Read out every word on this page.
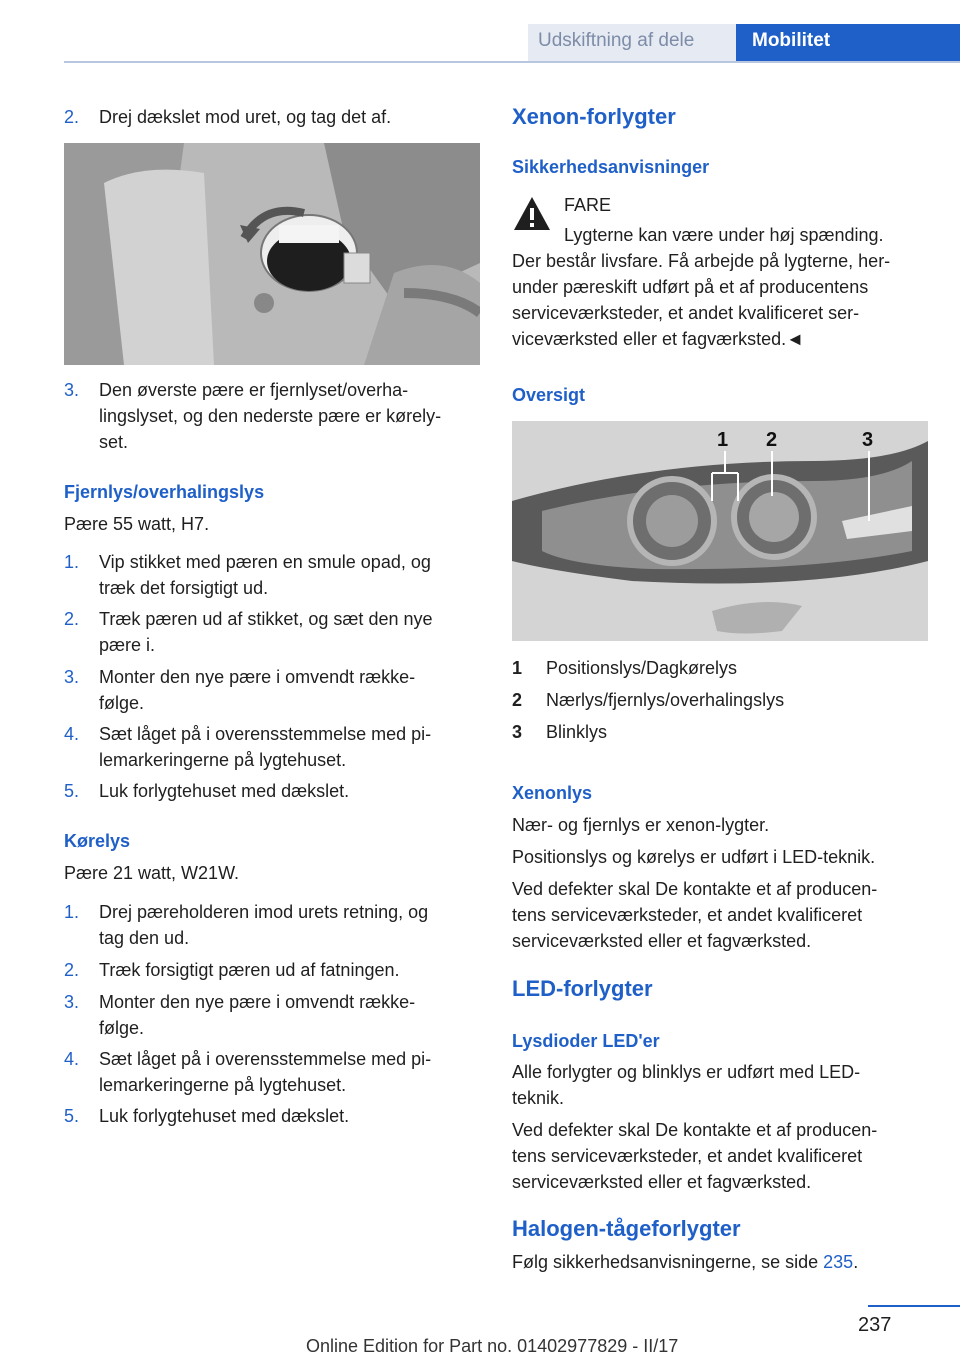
Udskiftning af dele	Mobilitet
2. Drej dækslet mod uret, og tag det af.
3. Den øverste pære er fjernlyset/overha‐
lingslyset, og den nederste pære er kørely‐
set.
Fjernlys/overhalingslys
Pære 55 watt, H7.
1. Vip stikket med pæren en smule opad, og
træk det forsigtigt ud.
2. Træk pæren ud af stikket, og sæt den nye
pære i.
3. Monter den nye pære i omvendt række‐
følge.
4. Sæt låget på i overensstemmelse med pi‐
lemarkeringerne på lygtehuset.
5. Luk forlygtehuset med dækslet.
Kørelys
Pære 21 watt, W21W.
1. Drej pæreholderen imod urets retning, og
tag den ud.
2. Træk forsigtigt pæren ud af fatningen.
3. Monter den nye pære i omvendt række‐
følge.
4. Sæt låget på i overensstemmelse med pi‐
lemarkeringerne på lygtehuset.
5. Luk forlygtehuset med dækslet.
Xenon-forlygter
Sikkerhedsanvisninger
FARE
Lygterne kan være under høj spænding.
Der består livsfare. Få arbejde på lygterne, her‐
under pæreskift udført på et af producentens
serviceværksteder, et andet kvalificeret ser‐
viceværksted eller et fagværksted.◄
Oversigt
1 2	3
1 Positionslys/Dagkørelys
2 Nærlys/fjernlys/overhalingslys
3 Blinklys
Xenonlys
Nær- og fjernlys er xenon-lygter.
Positionslys og kørelys er udført i LED-teknik.
Ved defekter skal De kontakte et af producen‐
tens serviceværksteder, et andet kvalificeret
serviceværksted eller et fagværksted.
LED-forlygter
Lysdioder LED'er
Alle forlygter og blinklys er udført med LED-
teknik.
Ved defekter skal De kontakte et af producen‐
tens serviceværksteder, et andet kvalificeret
serviceværksted eller et fagværksted.
Halogen-tågeforlygter
Følg sikkerhedsanvisningerne, se side 235.
237
Online Edition for Part no. 01402977829 - II/17
